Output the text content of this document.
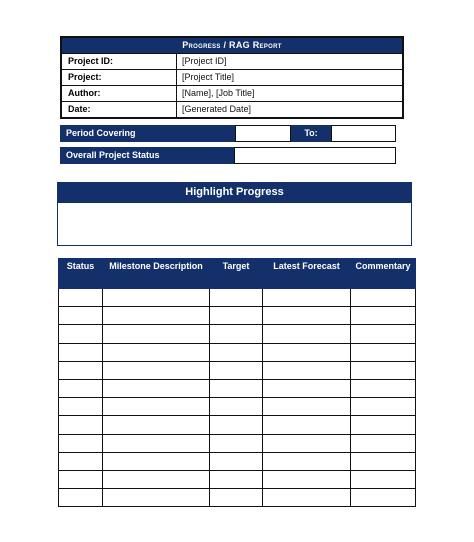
Progress / RAG Report
Project ID:	[Project ID]
Project:	[Project Title]
Author:	[Name], [Job Title]
Date:	[Generated Date]
Period Covering	To:
Overall Project Status
Highlight Progress
Status	Milestone Description	Target	Latest Forecast	Commentary
